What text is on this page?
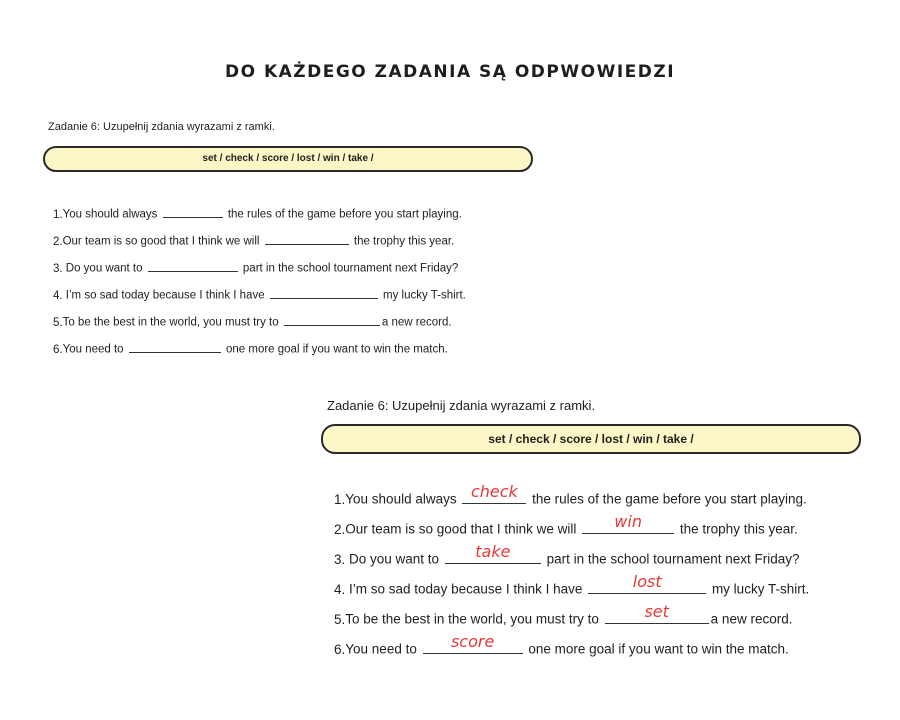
DO KAŻDEGO ZADANIA SĄ ODPWOWIEDZI
Zadanie 6: Uzupełnij zdania wyrazami z ramki.
set / check / score / lost / win / take /
1.You should always	the rules of the game before you start playing.
2.Our team is so good that I think we will	the trophy this year.
3. Do you want to	part in the school tournament next Friday?
4. I’m so sad today because I think I have	my lucky T-shirt.
5.To be the best in the world, you must try to	a new record.
6.You need to	one more goal if you want to win the match.
Zadanie 6: Uzupełnij zdania wyrazami z ramki.
set / check / score / lost / win / take /
1.You should always check	the rules of the game before you start playing.
2.Our team is so good that I think we will	win	the trophy this year.
3. Do you want to	take	part in the school tournament next Friday?
4. I’m so sad today because I think I have	lost	my lucky T-shirt.
5.To be the best in the world, you must try to	set	a new record.
6.You need to	score	one more goal if you want to win the match.
